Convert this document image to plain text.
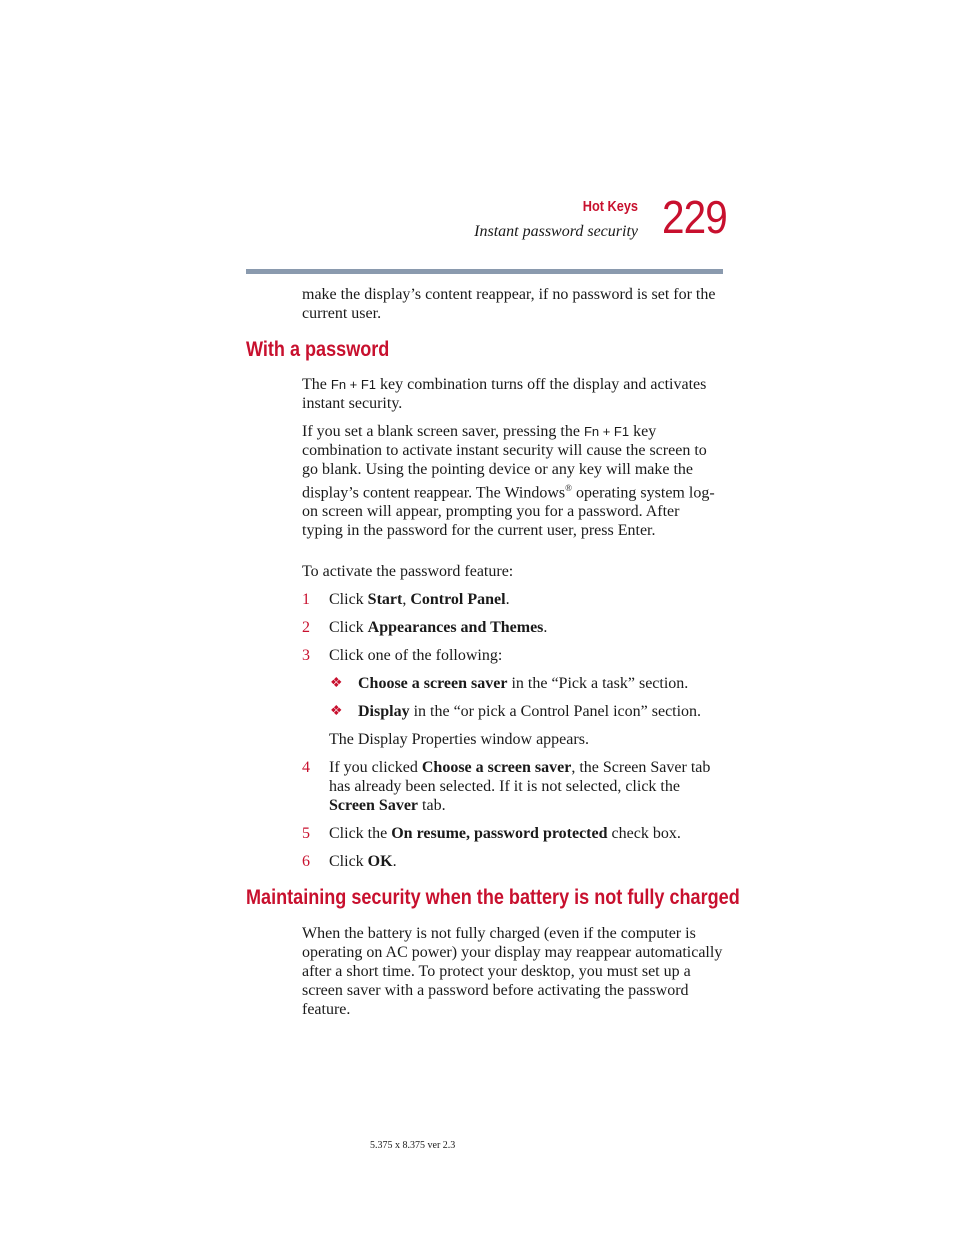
Hot Keys
Instant password security 229
make the display’s content reappear, if no password is set for the current user.
With a password
The Fn + F1 key combination turns off the display and activates instant security.
If you set a blank screen saver, pressing the Fn + F1 key combination to activate instant security will cause the screen to go blank. Using the pointing device or any key will make the display’s content reappear. The Windows® operating system log-on screen will appear, prompting you for a password. After typing in the password for the current user, press Enter.
To activate the password feature:
1 Click Start, Control Panel.
2 Click Appearances and Themes.
3 Click one of the following:
❖ Choose a screen saver in the “Pick a task” section.
❖ Display in the “or pick a Control Panel icon” section.
The Display Properties window appears.
4 If you clicked Choose a screen saver, the Screen Saver tab has already been selected. If it is not selected, click the Screen Saver tab.
5 Click the On resume, password protected check box.
6 Click OK.
Maintaining security when the battery is not fully charged
When the battery is not fully charged (even if the computer is operating on AC power) your display may reappear automatically after a short time. To protect your desktop, you must set up a screen saver with a password before activating the password feature.
5.375 x 8.375 ver 2.3
